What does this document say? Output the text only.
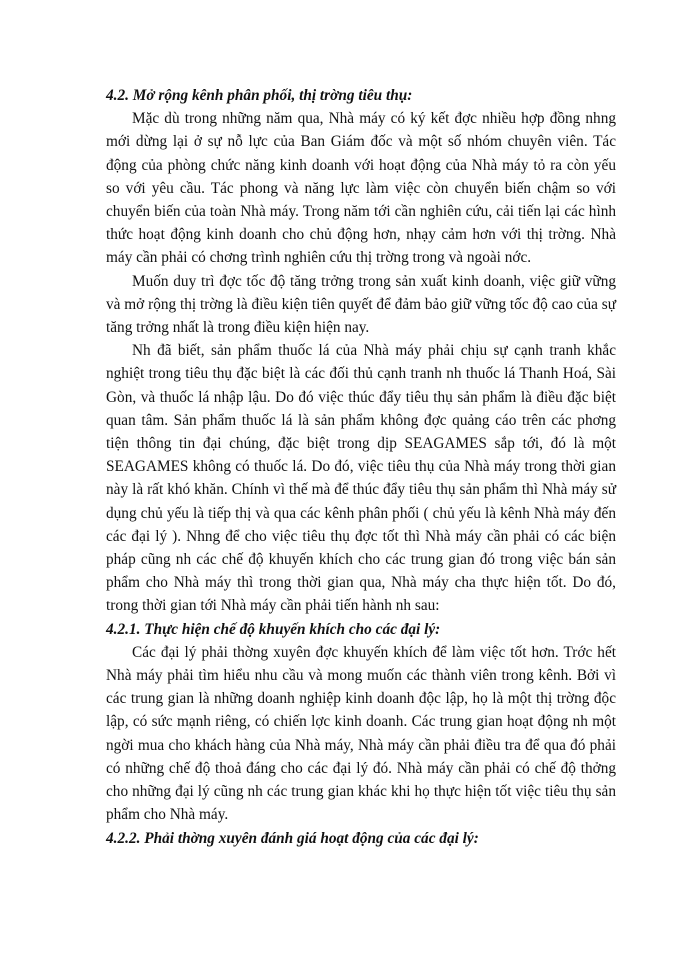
4.2. Mở rộng kênh phân phối, thị trờng tiêu thụ:

Mặc dù trong những năm qua, Nhà máy có ký kết đợc nhiều hợp đồng nhng mới dừng lại ở sự nỗ lực của Ban Giám đốc và một số nhóm chuyên viên. Tác động của phòng chức năng kinh doanh với hoạt động của Nhà máy tỏ ra còn yếu so với yêu cầu. Tác phong và năng lực làm việc còn chuyển biến chậm so với chuyển biến của toàn Nhà máy. Trong năm tới cần nghiên cứu, cải tiến lại các hình thức hoạt động kinh doanh cho chủ động hơn, nhạy cảm hơn với thị trờng. Nhà máy cần phải có chơng trình nghiên cứu thị trờng trong và ngoài nớc.

Muốn duy trì đợc tốc độ tăng trởng trong sản xuất kinh doanh, việc giữ vững và mở rộng thị trờng là điều kiện tiên quyết để đảm bảo giữ vững tốc độ cao của sự tăng trởng nhất là trong điều kiện hiện nay.

Nh đã biết, sản phẩm thuốc lá của Nhà máy phải chịu sự cạnh tranh khắc nghiệt trong tiêu thụ đặc biệt là các đối thủ cạnh tranh nh thuốc lá Thanh Hoá, Sài Gòn, và thuốc lá nhập lậu. Do đó việc thúc đẩy tiêu thụ sản phẩm là điều đặc biệt quan tâm. Sản phẩm thuốc lá là sản phẩm không đợc quảng cáo trên các phơng tiện thông tin đại chúng, đặc biệt trong dịp SEAGAMES sắp tới, đó là một SEAGAMES không có thuốc lá. Do đó, việc tiêu thụ của Nhà máy trong thời gian này là rất khó khăn. Chính vì thế mà để thúc đẩy tiêu thụ sản phẩm thì Nhà máy sử dụng chủ yếu là tiếp thị và qua các kênh phân phối ( chủ yếu là kênh Nhà máy đến các đại lý ). Nhng để cho việc tiêu thụ đợc tốt thì Nhà máy cần phải có các biện pháp cũng nh các chế độ khuyến khích cho các trung gian đó trong việc bán sản phẩm cho Nhà máy thì trong thời gian qua, Nhà máy cha thực hiện tốt. Do đó, trong thời gian tới Nhà máy cần phải tiến hành nh sau:

4.2.1. Thực hiện chế độ khuyến khích cho các đại lý:

Các đại lý phải thờng xuyên đợc khuyến khích để làm việc tốt hơn. Trớc hết Nhà máy phải tìm hiểu nhu cầu và mong muốn các thành viên trong kênh. Bởi vì các trung gian là những doanh nghiệp kinh doanh độc lập, họ là một thị trờng độc lập, có sức mạnh riêng, có chiến lợc kinh doanh. Các trung gian hoạt động nh một ngời mua cho khách hàng của Nhà máy, Nhà máy cần phải điều tra để qua đó phải có những chế độ thoả đáng cho các đại lý đó. Nhà máy cần phải có chế độ thởng cho những đại lý cũng nh các trung gian khác khi họ thực hiện tốt việc tiêu thụ sản phẩm cho Nhà máy.

4.2.2. Phải thờng xuyên đánh giá hoạt động của các đại lý:
